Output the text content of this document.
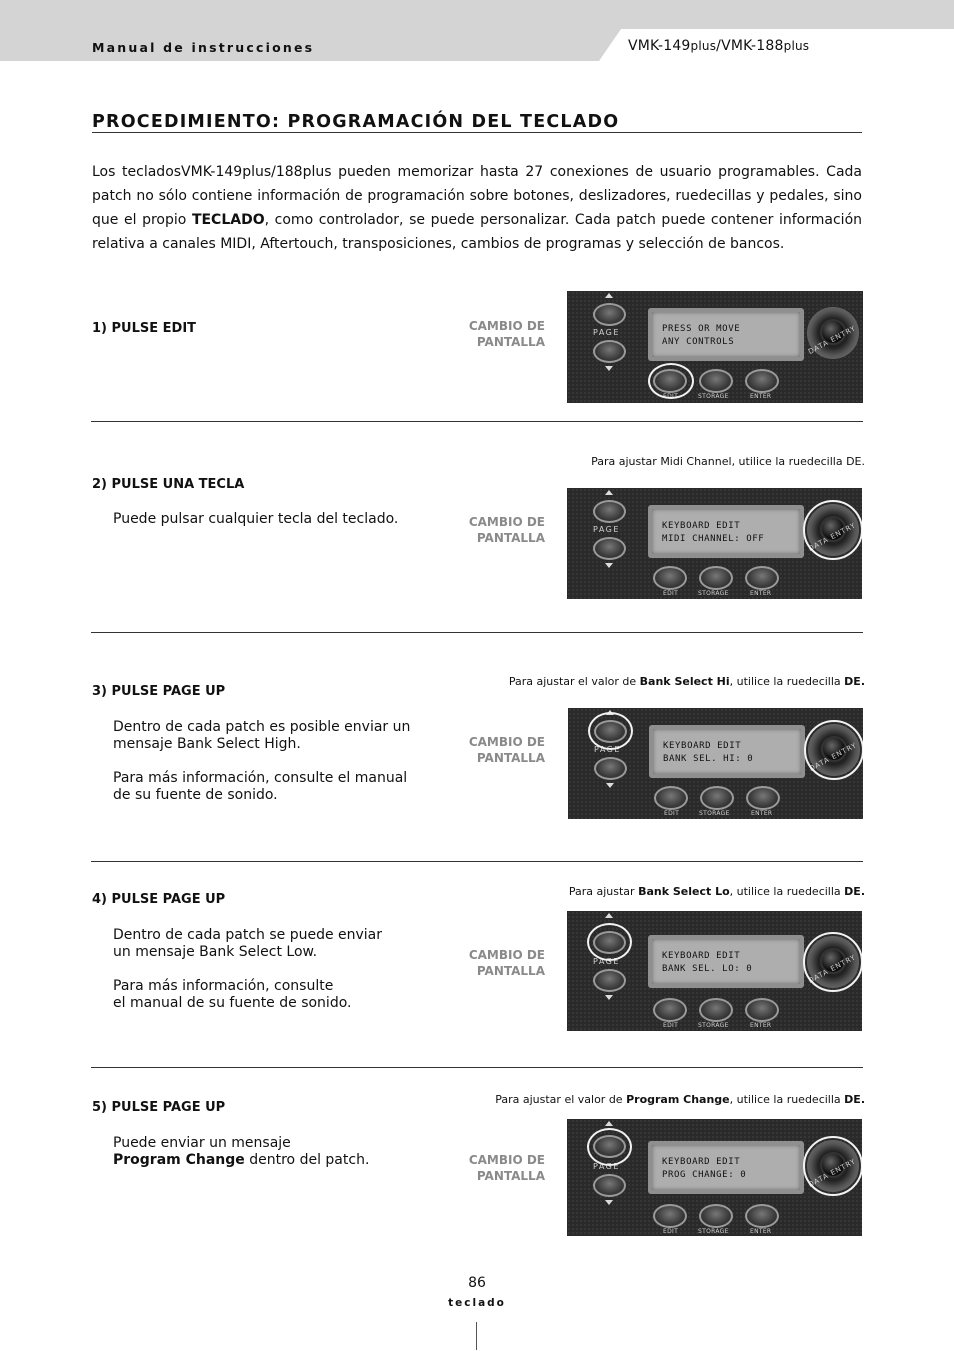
Manual de instrucciones	VMK-149plus/VMK-188plus
PROCEDIMIENTO: PROGRAMACIÓN DEL TECLADO
Los tecladosVMK-149plus/188plus pueden memorizar hasta 27 conexiones de usuario programables. Cada patch no sólo contiene información de programación sobre botones, deslizadores, ruedecillas y pedales, sino que el propio TECLADO, como controlador, se puede personalizar. Cada patch puede contener información relativa a canales MIDI, Aftertouch, transposiciones, cambios de programas y selección de bancos.
1) PULSE EDIT	CAMBIO DE
PANTALLA
PAGE	PRESS OR MOVE
ANY CONTROLS	DATA ENTRY
EDIT	STORAGE	ENTER
Para ajustar Midi Channel, utilice la ruedecilla DE.
2) PULSE UNA TECLA

Puede pulsar cualquier tecla del teclado.	CAMBIO DE
PANTALLA
PAGE	KEYBOARD EDIT
MIDI CHANNEL: OFF	DATA ENTRY
EDIT	STORAGE	ENTER
Para ajustar el valor de Bank Select Hi, utilice la ruedecilla DE.
3) PULSE PAGE UP

Dentro de cada patch es posible enviar un mensaje Bank Select High.

Para más información, consulte el manual de su fuente de sonido.

CAMBIO DE
PANTALLA
PAGE	KEYBOARD EDIT
BANK SEL. HI: 0	DATA ENTRY
EDIT	STORAGE	ENTER
Para ajustar Bank Select Lo, utilice la ruedecilla DE.
4) PULSE PAGE UP
Dentro de cada patch se puede enviar
un mensaje Bank Select Low.
Para más información, consulte
el manual de su fuente de sonido.
CAMBIO DE
PANTALLA
PAGE
KEYBOARD EDIT
BANK SEL. LO: 0	DATA ENTRY
EDIT	STORAGE	ENTER
Para ajustar el valor de Program Change, utilice la ruedecilla DE.
5) PULSE PAGE UP
Puede enviar un mensaje
Program Change dentro del patch.	CAMBIO DE
PANTALLA
PAGE	KEYBOARD EDIT
PROG CHANGE: 0	DATA ENTRY
EDIT	STORAGE	ENTER
86
teclado
